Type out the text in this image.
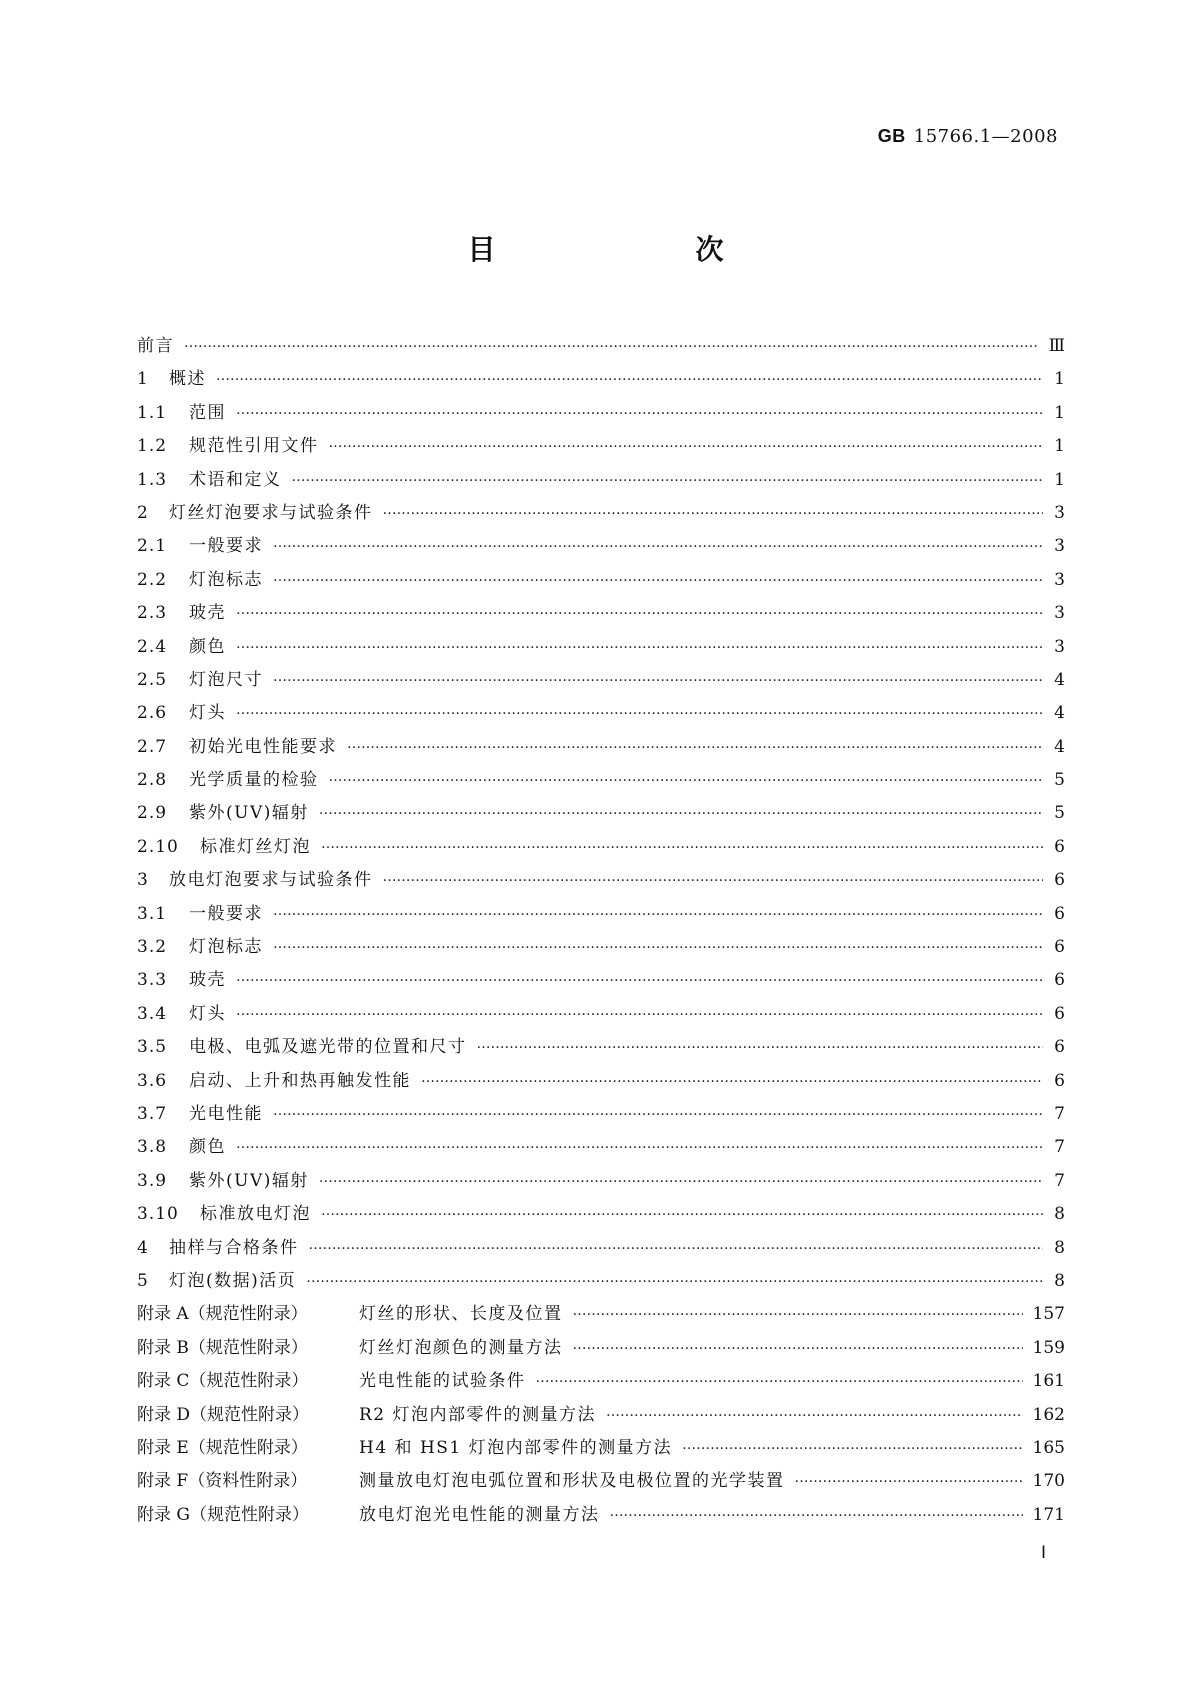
GB 15766.1—2008
目　　次
前言 …………………………………………………………………………………………………………………………………………………………………………………………………………………………………	Ⅲ
1	概述 …………………………………………………………………………………………………………………………………………………………………………………………………………………………………	1
1.1	范围 …………………………………………………………………………………………………………………………………………………………………………………………………………………………………	1
1.2	规范性引用文件 …………………………………………………………………………………………………………………………………………………………………………………………………………………………………	1
1.3	术语和定义 …………………………………………………………………………………………………………………………………………………………………………………………………………………………………	1
2	灯丝灯泡要求与试验条件 …………………………………………………………………………………………………………………………………………………………………………………………………………………………………	3
2.1	一般要求 …………………………………………………………………………………………………………………………………………………………………………………………………………………………………	3
2.2	灯泡标志 …………………………………………………………………………………………………………………………………………………………………………………………………………………………………	3
2.3	玻壳 …………………………………………………………………………………………………………………………………………………………………………………………………………………………………	3
2.4	颜色 …………………………………………………………………………………………………………………………………………………………………………………………………………………………………	3
2.5	灯泡尺寸 …………………………………………………………………………………………………………………………………………………………………………………………………………………………………	4
2.6	灯头 …………………………………………………………………………………………………………………………………………………………………………………………………………………………………	4
2.7	初始光电性能要求 …………………………………………………………………………………………………………………………………………………………………………………………………………………………………	4
2.8	光学质量的检验 …………………………………………………………………………………………………………………………………………………………………………………………………………………………………	5
2.9	紫外(UV)辐射 …………………………………………………………………………………………………………………………………………………………………………………………………………………………………	5
2.10	标准灯丝灯泡 …………………………………………………………………………………………………………………………………………………………………………………………………………………………………	6
3	放电灯泡要求与试验条件 …………………………………………………………………………………………………………………………………………………………………………………………………………………………………	6
3.1	一般要求 …………………………………………………………………………………………………………………………………………………………………………………………………………………………………	6
3.2	灯泡标志 …………………………………………………………………………………………………………………………………………………………………………………………………………………………………	6
3.3	玻壳 …………………………………………………………………………………………………………………………………………………………………………………………………………………………………	6
3.4	灯头 …………………………………………………………………………………………………………………………………………………………………………………………………………………………………	6
3.5	电极、电弧及遮光带的位置和尺寸 …………………………………………………………………………………………………………………………………………………………………………………………………………………………………	6
3.6	启动、上升和热再触发性能 …………………………………………………………………………………………………………………………………………………………………………………………………………………………………	6
3.7	光电性能 …………………………………………………………………………………………………………………………………………………………………………………………………………………………………	7
3.8	颜色 …………………………………………………………………………………………………………………………………………………………………………………………………………………………………	7
3.9	紫外(UV)辐射 …………………………………………………………………………………………………………………………………………………………………………………………………………………………………	7
3.10	标准放电灯泡 …………………………………………………………………………………………………………………………………………………………………………………………………………………………………	8
4	抽样与合格条件 …………………………………………………………………………………………………………………………………………………………………………………………………………………………………	8
5	灯泡(数据)活页 …………………………………………………………………………………………………………………………………………………………………………………………………………………………………	8
附录 A（规范性附录）	灯丝的形状、长度及位置 …………………………………………………………………………………………………………………………………………………………………………………………………………………………………	157
附录 B（规范性附录）	灯丝灯泡颜色的测量方法 …………………………………………………………………………………………………………………………………………………………………………………………………………………………………	159
附录 C（规范性附录）	光电性能的试验条件 …………………………………………………………………………………………………………………………………………………………………………………………………………………………………	161
附录 D（规范性附录）	R2 灯泡内部零件的测量方法 …………………………………………………………………………………………………………………………………………………………………………………………………………………………………	162
附录 E（规范性附录）	H4 和 HS1 灯泡内部零件的测量方法 …………………………………………………………………………………………………………………………………………………………………………………………………………………………………	165
附录 F（资料性附录）	测量放电灯泡电弧位置和形状及电极位置的光学装置 …………………………………………………………………………………………………………………………………………………………………………………………………………………………………	170
附录 G（规范性附录）	放电灯泡光电性能的测量方法 …………………………………………………………………………………………………………………………………………………………………………………………………………………………………	171
Ⅰ
